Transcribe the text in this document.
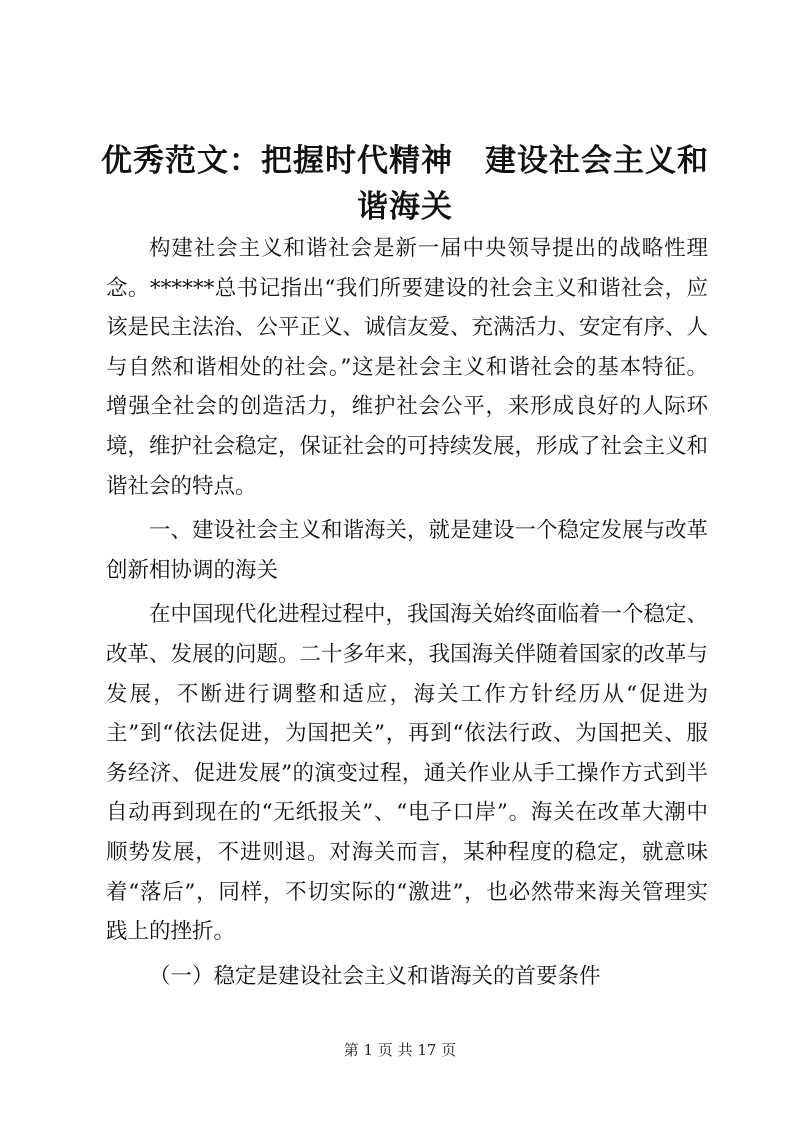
优秀范文：把握时代精神　建设社会主义和谐海关

构建社会主义和谐社会是新一届中央领导提出的战略性理念。******总书记指出“我们所要建设的社会主义和谐社会，应该是民主法治、公平正义、诚信友爱、充满活力、安定有序、人与自然和谐相处的社会。”这是社会主义和谐社会的基本特征。增强全社会的创造活力，维护社会公平，来形成良好的人际环境，维护社会稳定，保证社会的可持续发展，形成了社会主义和谐社会的特点。

一、建设社会主义和谐海关，就是建设一个稳定发展与改革创新相协调的海关

在中国现代化进程过程中，我国海关始终面临着一个稳定、改革、发展的问题。二十多年来，我国海关伴随着国家的改革与发展，不断进行调整和适应，海关工作方针经历从“促进为主”到“依法促进，为国把关”，再到“依法行政、为国把关、服务经济、促进发展”的演变过程，通关作业从手工操作方式到半自动再到现在的“无纸报关”、“电子口岸”。海关在改革大潮中顺势发展，不进则退。对海关而言，某种程度的稳定，就意味着“落后”，同样，不切实际的“激进”，也必然带来海关管理实践上的挫折。

（一）稳定是建设社会主义和谐海关的首要条件

第 1 页 共 17 页
